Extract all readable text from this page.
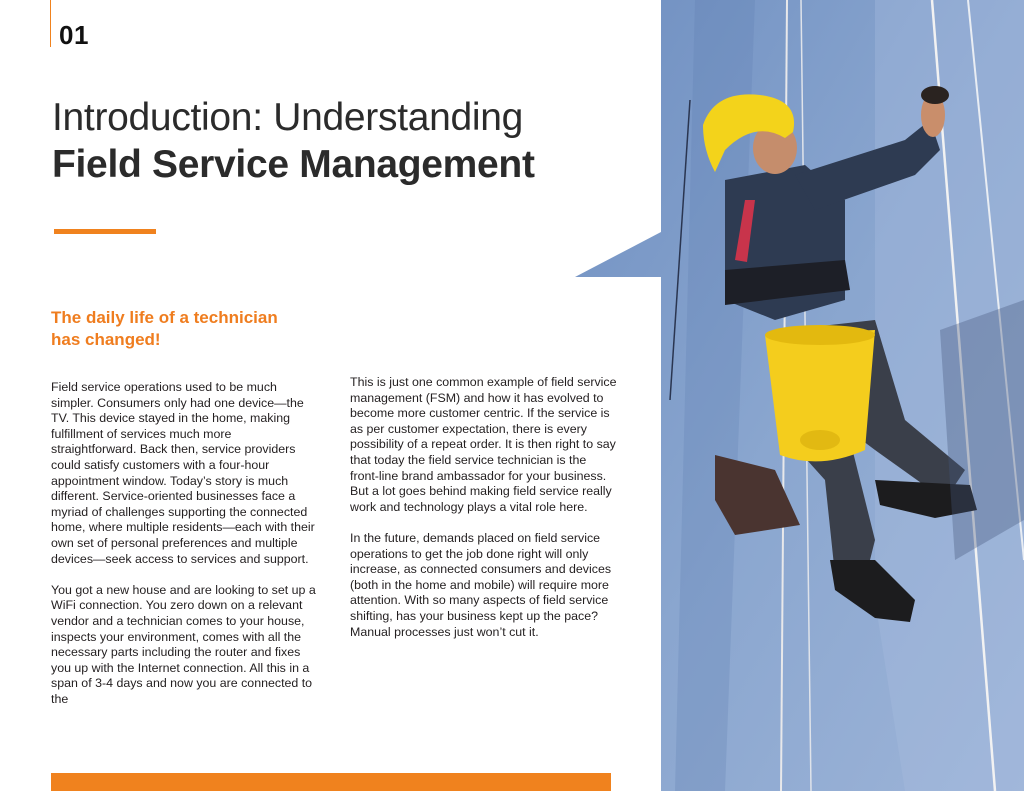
01
Introduction: Understanding
Field Service Management
The daily life of a technician
has changed!

Field service operations used to be much simpler. Consumers only had one device—the TV. This device stayed in the home, making fulfillment of services much more straightforward. Back then, service providers could satisfy customers with a four-hour appointment window. Today’s story is much different. Service-oriented businesses face a myriad of challenges supporting the connected home, where multiple residents—each with their own set of personal preferences and multiple devices—seek access to services and support.

You got a new house and are looking to set up a WiFi connection. You zero down on a relevant vendor and a technician comes to your house, inspects your environment, comes with all the necessary parts including the router and fixes you up with the Internet connection. All this in a span of 3-4 days and now you are connected to the

This is just one common example of field service management (FSM) and how it has evolved to become more customer centric. If the service is as per customer expectation, there is every possibility of a repeat order. It is then right to say that today the field service technician is the front-line brand ambassador for your business. But a lot goes behind making field service really work and technology plays a vital role here.

In the future, demands placed on field service operations to get the job done right will only increase, as connected consumers and devices (both in the home and mobile) will require more attention. With so many aspects of field service shifting, has your business kept up the pace? Manual processes just won’t cut it.
